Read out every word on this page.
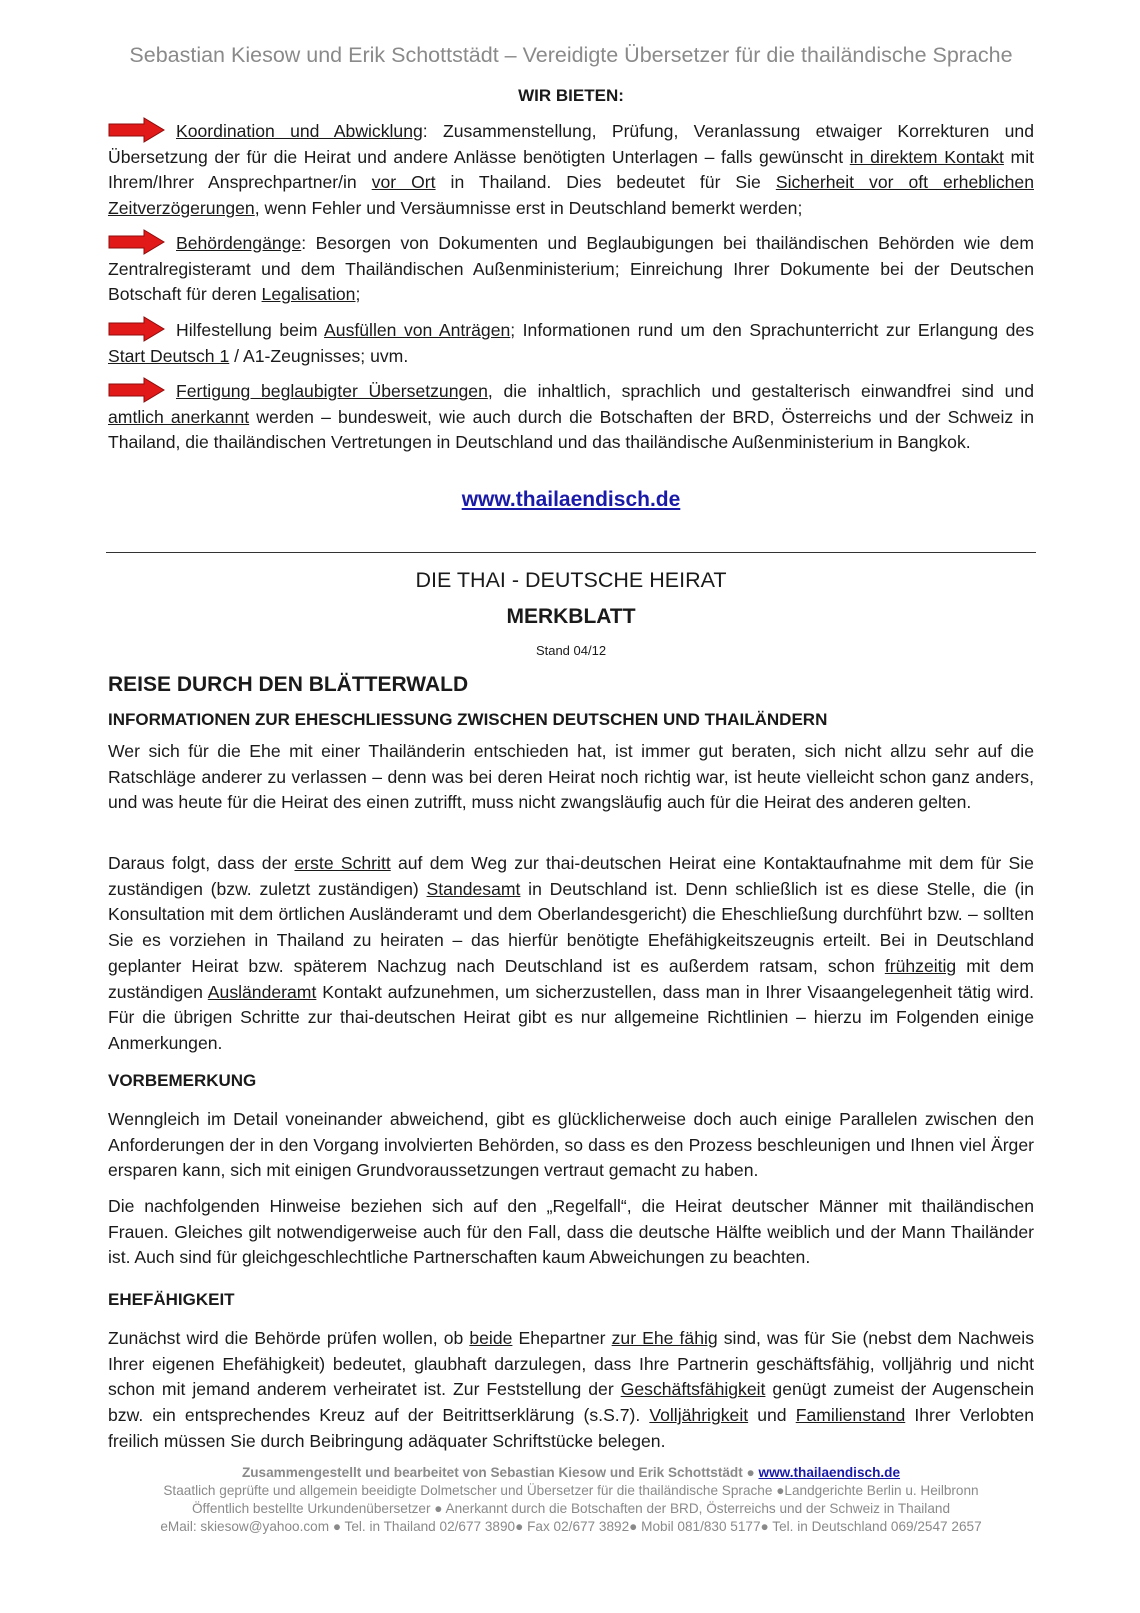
Sebastian Kiesow und Erik Schottstädt – Vereidigte Übersetzer für die thailändische Sprache
WIR BIETEN:
Koordination und Abwicklung: Zusammenstellung, Prüfung, Veranlassung etwaiger Korrekturen und Übersetzung der für die Heirat und andere Anlässe benötigten Unterlagen – falls gewünscht in direktem Kontakt mit Ihrem/Ihrer Ansprechpartner/in vor Ort in Thailand. Dies bedeutet für Sie Sicherheit vor oft erheblichen Zeitverzögerungen, wenn Fehler und Versäumnisse erst in Deutschland bemerkt werden;
Behördengänge: Besorgen von Dokumenten und Beglaubigungen bei thailändischen Behörden wie dem Zentralregisteramt und dem Thailändischen Außenministerium; Einreichung Ihrer Dokumente bei der Deutschen Botschaft für deren Legalisation;
Hilfestellung beim Ausfüllen von Anträgen; Informationen rund um den Sprachunterricht zur Erlangung des Start Deutsch 1 / A1-Zeugnisses; uvm.
Fertigung beglaubigter Übersetzungen, die inhaltlich, sprachlich und gestalterisch einwandfrei sind und amtlich anerkannt werden – bundesweit, wie auch durch die Botschaften der BRD, Österreichs und der Schweiz in Thailand, die thailändischen Vertretungen in Deutschland und das thailändische Außenministerium in Bangkok.
www.thailaendisch.de
DIE THAI - DEUTSCHE HEIRAT
MERKBLATT
Stand 04/12
REISE DURCH DEN BLÄTTERWALD
INFORMATIONEN ZUR EHESCHLIESSUNG ZWISCHEN DEUTSCHEN UND THAILÄNDERN
Wer sich für die Ehe mit einer Thailänderin entschieden hat, ist immer gut beraten, sich nicht allzu sehr auf die Ratschläge anderer zu verlassen – denn was bei deren Heirat noch richtig war, ist heute vielleicht schon ganz anders, und was heute für die Heirat des einen zutrifft, muss nicht zwangsläufig auch für die Heirat des anderen gelten.
Daraus folgt, dass der erste Schritt auf dem Weg zur thai-deutschen Heirat eine Kontaktaufnahme mit dem für Sie zuständigen (bzw. zuletzt zuständigen) Standesamt in Deutschland ist. Denn schließlich ist es diese Stelle, die (in Konsultation mit dem örtlichen Ausländeramt und dem Oberlandesgericht) die Eheschließung durchführt bzw. – sollten Sie es vorziehen in Thailand zu heiraten – das hierfür benötigte Ehefähigkeitszeugnis erteilt. Bei in Deutschland geplanter Heirat bzw. späterem Nachzug nach Deutschland ist es außerdem ratsam, schon frühzeitig mit dem zuständigen Ausländeramt Kontakt aufzunehmen, um sicherzustellen, dass man in Ihrer Visaangelegenheit tätig wird. Für die übrigen Schritte zur thai-deutschen Heirat gibt es nur allgemeine Richtlinien – hierzu im Folgenden einige Anmerkungen.
VORBEMERKUNG
Wenngleich im Detail voneinander abweichend, gibt es glücklicherweise doch auch einige Parallelen zwischen den Anforderungen der in den Vorgang involvierten Behörden, so dass es den Prozess beschleunigen und Ihnen viel Ärger ersparen kann, sich mit einigen Grundvoraussetzungen vertraut gemacht zu haben.
Die nachfolgenden Hinweise beziehen sich auf den „Regelfall“, die Heirat deutscher Männer mit thailändischen Frauen. Gleiches gilt notwendigerweise auch für den Fall, dass die deutsche Hälfte weiblich und der Mann Thailänder ist. Auch sind für gleichgeschlechtliche Partnerschaften kaum Abweichungen zu beachten.
EHEFÄHIGKEIT
Zunächst wird die Behörde prüfen wollen, ob beide Ehepartner zur Ehe fähig sind, was für Sie (nebst dem Nachweis Ihrer eigenen Ehefähigkeit) bedeutet, glaubhaft darzulegen, dass Ihre Partnerin geschäftsfähig, volljährig und nicht schon mit jemand anderem verheiratet ist. Zur Feststellung der Geschäftsfähigkeit genügt zumeist der Augenschein bzw. ein entsprechendes Kreuz auf der Beitrittserklärung (s.S.7). Volljährigkeit und Familienstand Ihrer Verlobten freilich müssen Sie durch Beibringung adäquater Schriftstücke belegen.
Zusammengestellt und bearbeitet von Sebastian Kiesow und Erik Schottstädt ● www.thailaendisch.de
Staatlich geprüfte und allgemein beeidigte Dolmetscher und Übersetzer für die thailändische Sprache ●Landgerichte Berlin u. Heilbronn
Öffentlich bestellte Urkundenübersetzer ● Anerkannt durch die Botschaften der BRD, Österreichs und der Schweiz in Thailand
eMail: skiesow@yahoo.com ● Tel. in Thailand 02/677 3890● Fax 02/677 3892● Mobil 081/830 5177● Tel. in Deutschland 069/2547 2657
